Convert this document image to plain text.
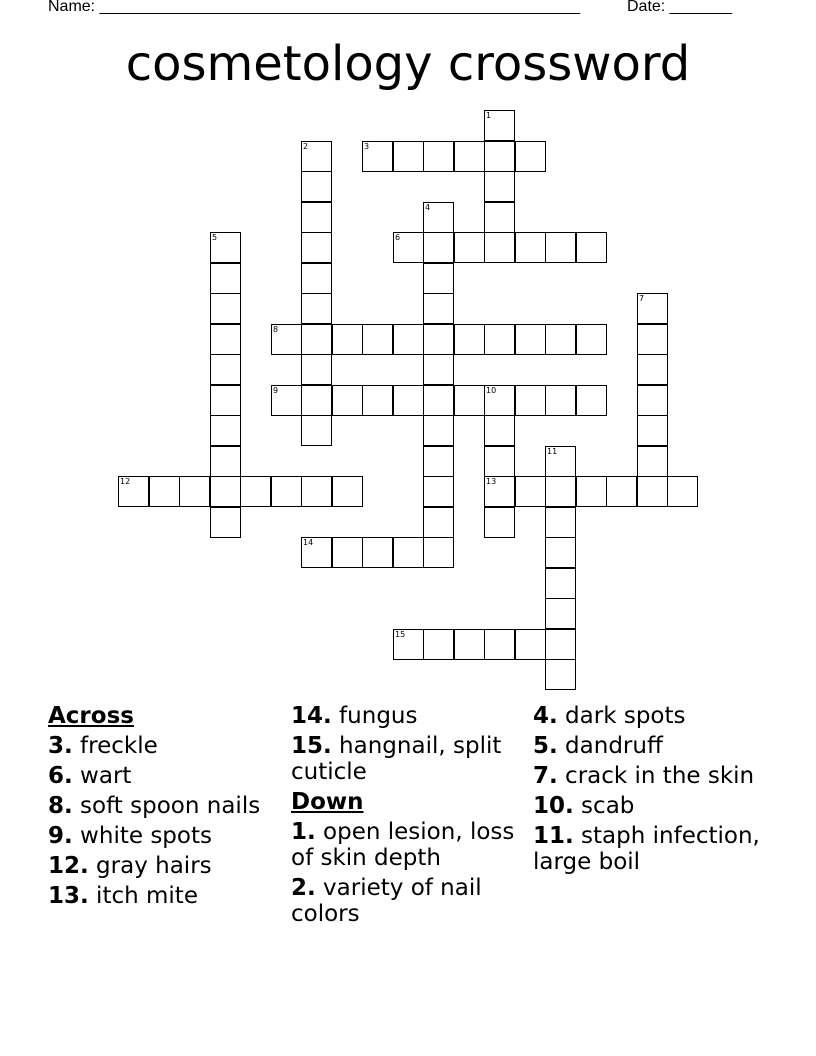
Name: ______________________________________________________	Date: _______
cosmetology crossword
1
2	3
4
5	6
7
8
9	10
13
11
12
14
15
Across
3. freckle
6. wart
8. soft spoon nails
9. white spots
12. gray hairs
13. itch mite
14. fungus
15. hangnail, split cuticle
Down
1. open lesion, loss of skin depth
2. variety of nail colors
4. dark spots
5. dandruff
7. crack in the skin
10. scab
11. staph infection, large boil
